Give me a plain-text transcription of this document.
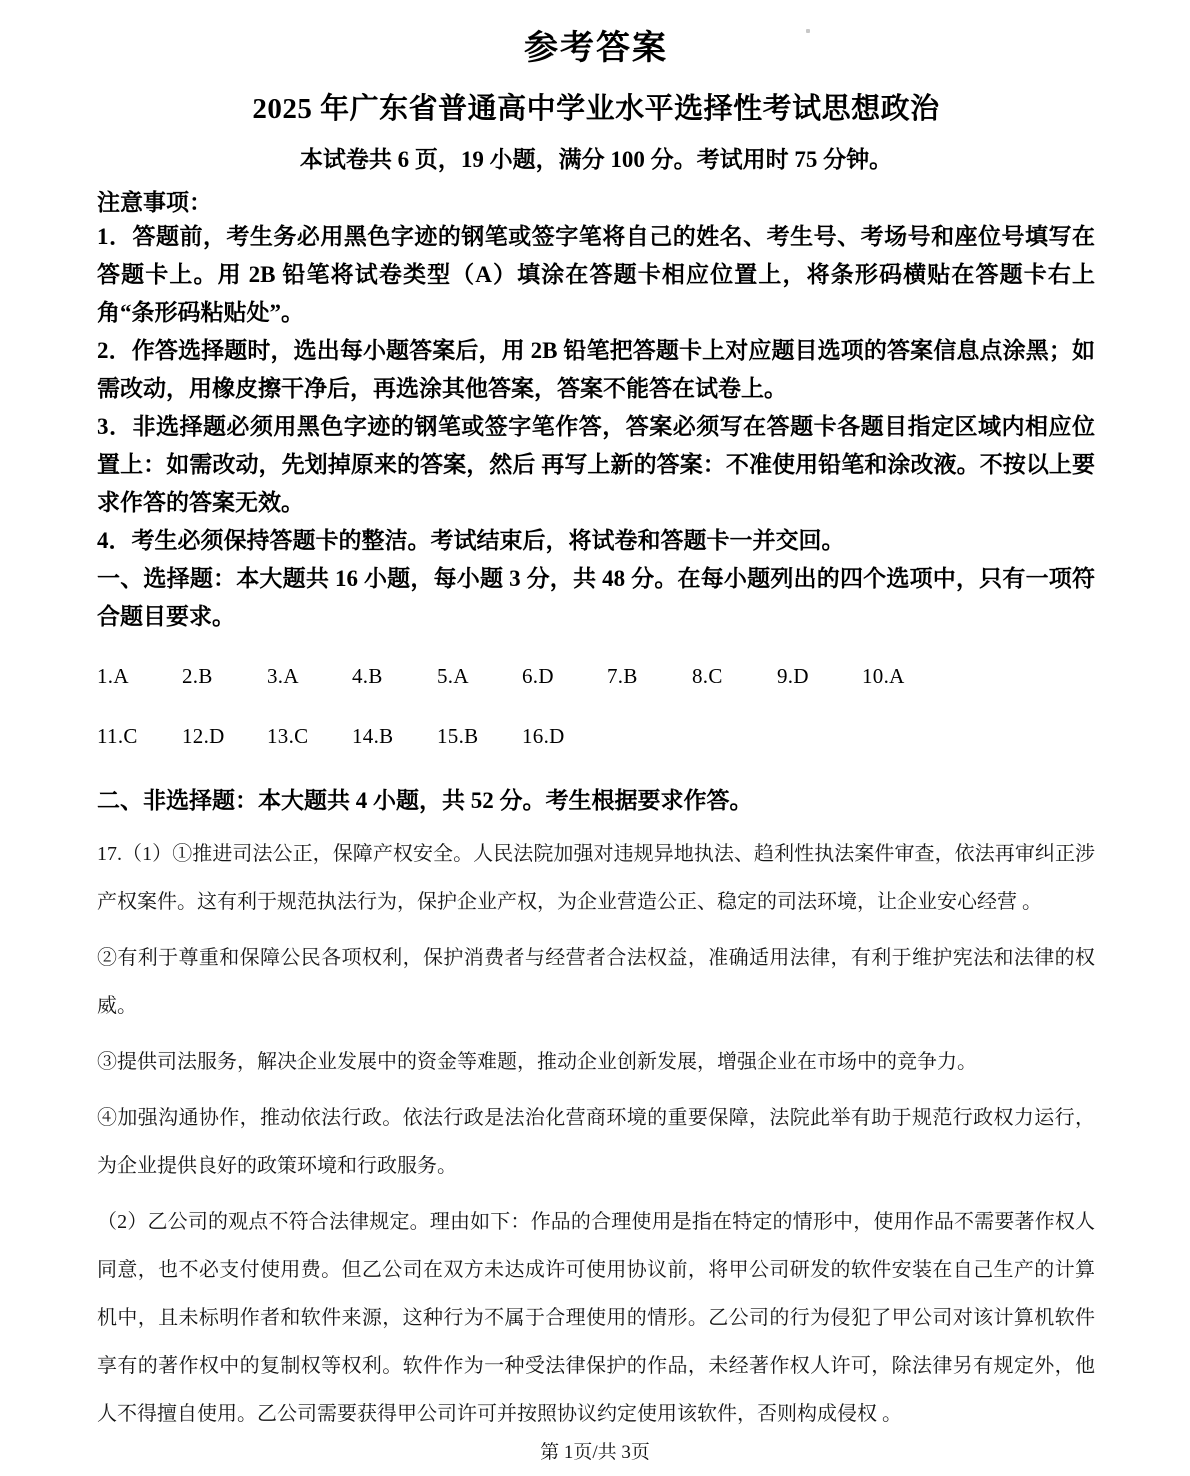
参考答案
2025 年广东省普通高中学业水平选择性考试思想政治

本试卷共 6 页，19 小题，满分 100 分。考试用时 75 分钟。

注意事项：

1．答题前，考生务必用黑色字迹的钢笔或签字笔将自己的姓名、考生号、考场号和座位号填写在答题卡上。用 2B 铅笔将试卷类型（A）填涂在答题卡相应位置上，将条形码横贴在答题卡右上角“条形码粘贴处”。

2．作答选择题时，选出每小题答案后，用 2B 铅笔把答题卡上对应题目选项的答案信息点涂黑；如需改动，用橡皮擦干净后，再选涂其他答案，答案不能答在试卷上。

3．非选择题必须用黑色字迹的钢笔或签字笔作答，答案必须写在答题卡各题目指定区域内相应位置上：如需改动，先划掉原来的答案，然后 再写上新的答案：不准使用铅笔和涂改液。不按以上要求作答的答案无效。

4．考生必须保持答题卡的整洁。考试结束后，将试卷和答题卡一并交回。

一、选择题：本大题共 16 小题，每小题 3 分，共 48 分。在每小题列出的四个选项中，只有一项符合题目要求。

1.A	2.B	3.A	4.B	5.A	6.D	7.B	8.C	9.D	10.A

11.C 12.D 13.C 14.B 15.B 16.D

二、非选择题：本大题共 4 小题，共 52 分。考生根据要求作答。

17.（1）①推进司法公正，保障产权安全。人民法院加强对违规异地执法、趋利性执法案件审查，依法再审纠正涉产权案件。这有利于规范执法行为，保护企业产权，为企业营造公正、稳定的司法环境，让企业安心经营 。

②有利于尊重和保障公民各项权利，保护消费者与经营者合法权益，准确适用法律，有利于维护宪法和法律的权威。

③提供司法服务，解决企业发展中的资金等难题，推动企业创新发展，增强企业在市场中的竞争力。

④加强沟通协作，推动依法行政。依法行政是法治化营商环境的重要保障，法院此举有助于规范行政权力运行，为企业提供良好的政策环境和行政服务。

（2）乙公司的观点不符合法律规定。理由如下：作品的合理使用是指在特定的情形中，使用作品不需要著作权人同意，也不必支付使用费。但乙公司在双方未达成许可使用协议前，将甲公司研发的软件安装在自己生产的计算机中，且未标明作者和软件来源，这种行为不属于合理使用的情形。乙公司的行为侵犯了甲公司对该计算机软件享有的著作权中的复制权等权利。软件作为一种受法律保护的作品，未经著作权人许可，除法律另有规定外，他人不得擅自使用。乙公司需要获得甲公司许可并按照协议约定使用该软件，否则构成侵权 。

第 1页/共 3页
